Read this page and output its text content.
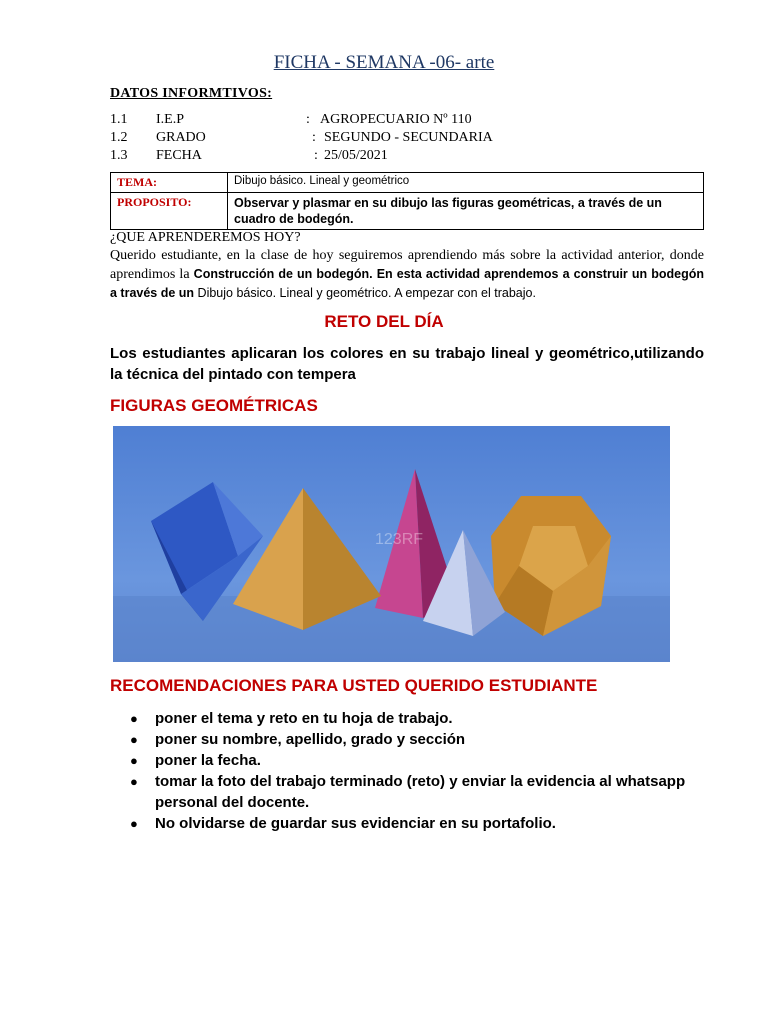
FICHA - SEMANA -06- arte
DATOS INFORMTIVOS:
1.1 I.E.P	: AGROPECUARIO Nº 110
1.2 GRADO	: SEGUNDO - SECUNDARIA
1.3 FECHA	: 25/05/2021
TEMA:	Dibujo básico. Lineal y geométrico
PROPOSITO:	Observar y plasmar en su dibujo las figuras geométricas, a través de un cuadro de bodegón.
¿QUE APRENDEREMOS HOY?
Querido estudiante, en la clase de hoy seguiremos aprendiendo más sobre la actividad anterior, donde aprendimos la Construcción de un bodegón. En esta actividad aprendemos a construir un bodegón a través de un Dibujo básico. Lineal y geométrico. A empezar con el trabajo.
RETO DEL DÍA
Los estudiantes aplicaran los colores en su trabajo lineal y geométrico,utilizando la técnica del pintado con tempera
FIGURAS GEOMÉTRICAS
123RF
RECOMENDACIONES PARA USTED QUERIDO ESTUDIANTE
● poner el tema y reto en tu hoja de trabajo.
● poner su nombre, apellido, grado y sección
● poner la fecha.
● tomar la foto del trabajo terminado (reto) y enviar la evidencia al whatsapp personal del docente.
● No olvidarse de guardar sus evidenciar en su portafolio.
